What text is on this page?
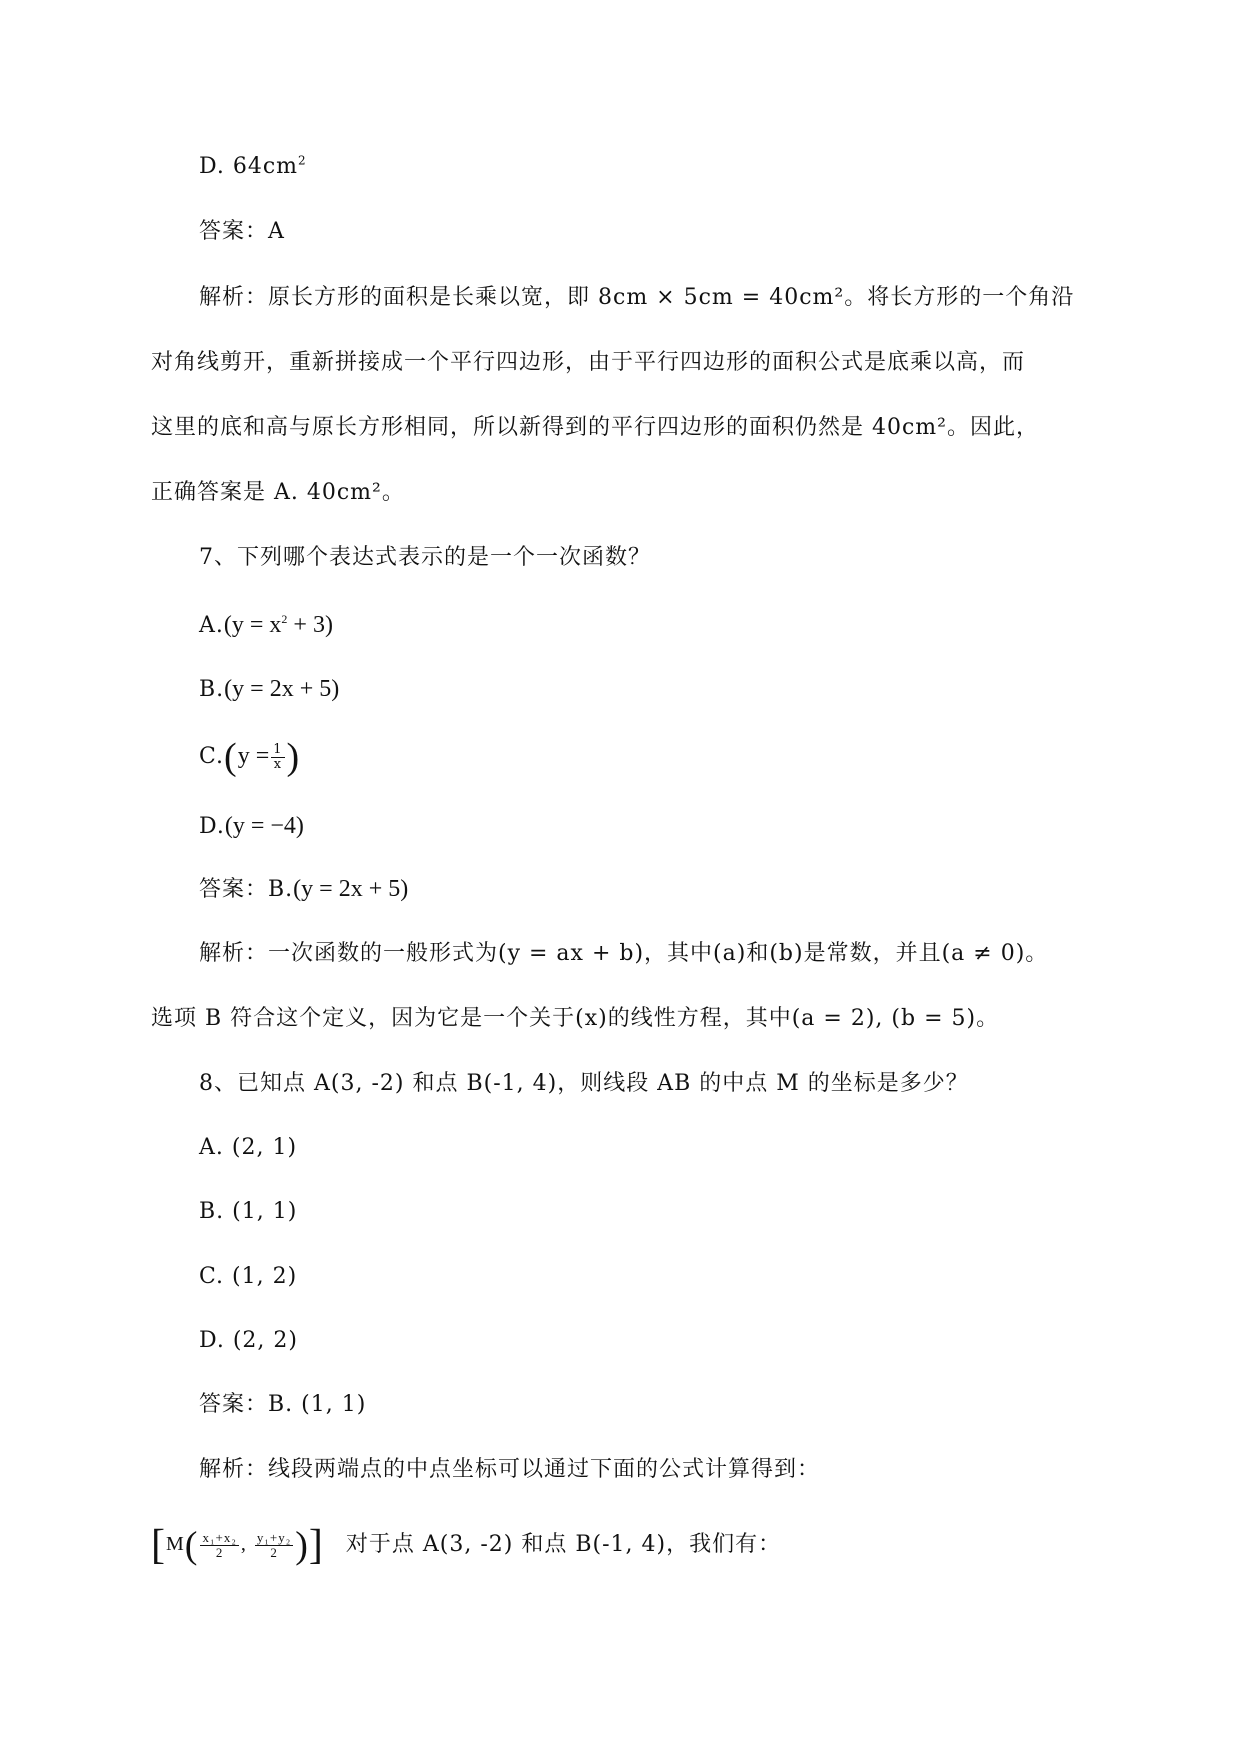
D. $64cm^2$
答案：A
解析：原长方形的面积是长乘以宽，即 8cm × 5cm = 40cm²。将长方形的一个角沿
对角线剪开，重新拼接成一个平行四边形，由于平行四边形的面积公式是底乘以高，而
这里的底和高与原长方形相同，所以新得到的平行四边形的面积仍然是 40cm²。因此，
正确答案是 A. 40cm²。
7、下列哪个表达式表示的是一个一次函数？
$A.(y = x^2 + 3)$
B.(y = 2x + 5)
$C.(y = \frac{1}{x}$ )
D.(y = −4)
答案：B.(y = 2x + 5)
解析：一次函数的一般形式为(y = ax + b)，其中(a)和(b)是常数，并且(a ≠ 0)。
选项 B 符合这个定义，因为它是一个关于(x)的线性方程，其中(a = 2), (b = 5)。
8、已知点 A(3, -2) 和点 B(-1, 4)，则线段 AB 的中点 M 的坐标是多少？
A. (2, 1)
B. (1, 1)
C. (1, 2)
D. (2, 2)
答案：B. (1, 1)
解析：线段两端点的中点坐标可以通过下面的公式计算得到：
[$M( \frac{\text{x₁+x₂}}{2}$ , $\frac{\text{y₁+y₂}}{2}$ )] 对于点 A(3, -2) 和点 B(-1, 4)，我们有：
